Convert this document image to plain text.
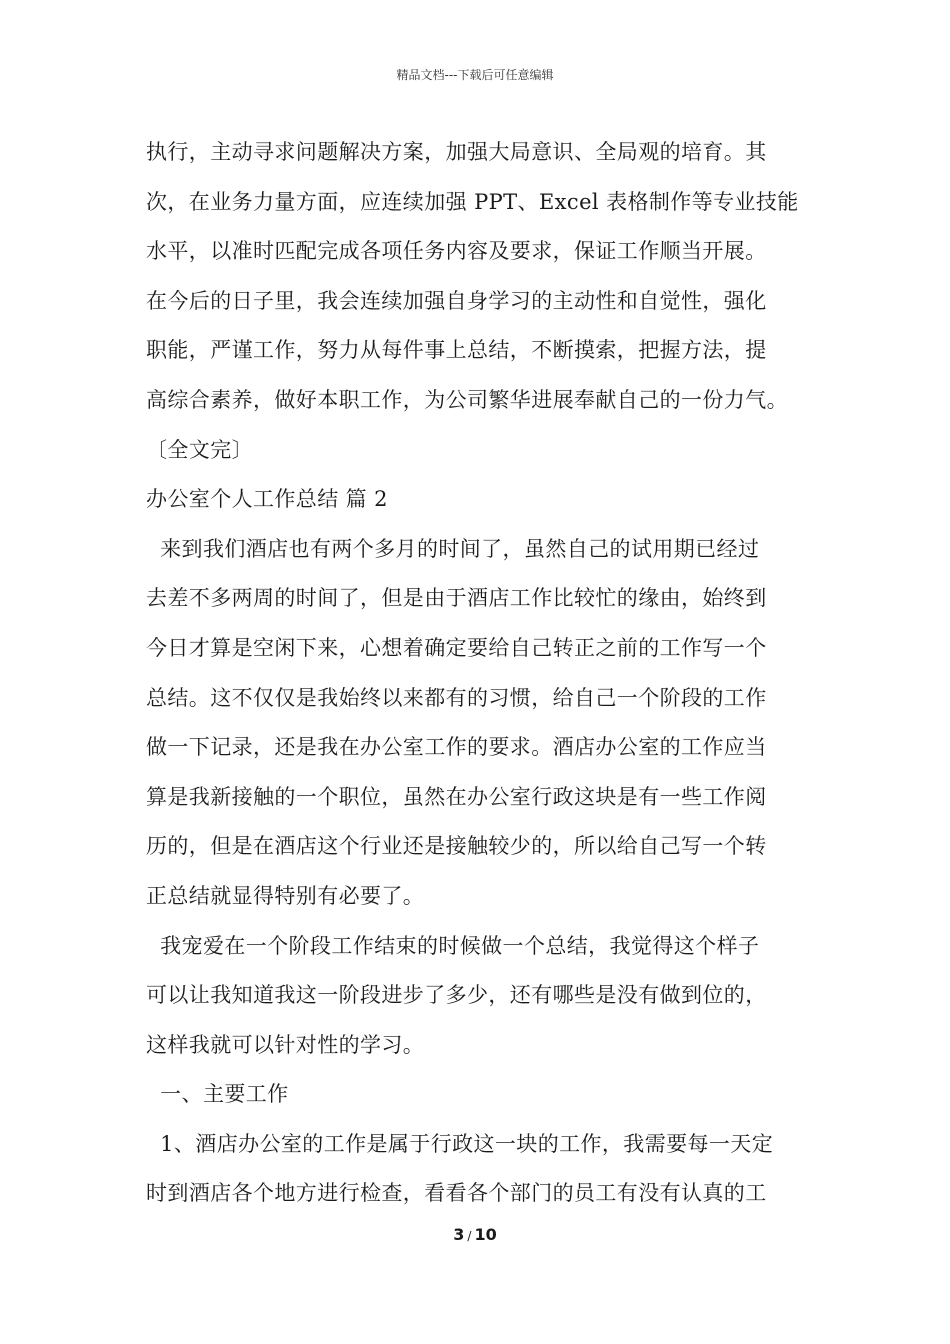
精品文档---下载后可任意编辑
执行，主动寻求问题解决方案，加强大局意识、全局观的培育。其
次，在业务力量方面，应连续加强 PPT、Excel 表格制作等专业技能
水平，以准时匹配完成各项任务内容及要求，保证工作顺当开展。
在今后的日子里，我会连续加强自身学习的主动性和自觉性，强化
职能，严谨工作，努力从每件事上总结，不断摸索，把握方法，提
高综合素养，做好本职工作，为公司繁华进展奉献自己的一份力气。
〔全文完〕
办公室个人工作总结 篇 2
来到我们酒店也有两个多月的时间了，虽然自己的试用期已经过
去差不多两周的时间了，但是由于酒店工作比较忙的缘由，始终到
今日才算是空闲下来，心想着确定要给自己转正之前的工作写一个
总结。这不仅仅是我始终以来都有的习惯，给自己一个阶段的工作
做一下记录，还是我在办公室工作的要求。酒店办公室的工作应当
算是我新接触的一个职位，虽然在办公室行政这块是有一些工作阅
历的，但是在酒店这个行业还是接触较少的，所以给自己写一个转
正总结就显得特别有必要了。
我宠爱在一个阶段工作结束的时候做一个总结，我觉得这个样子
可以让我知道我这一阶段进步了多少，还有哪些是没有做到位的，
这样我就可以针对性的学习。
一、主要工作
1、酒店办公室的工作是属于行政这一块的工作，我需要每一天定
时到酒店各个地方进行检查，看看各个部门的员工有没有认真的工
3 / 10
